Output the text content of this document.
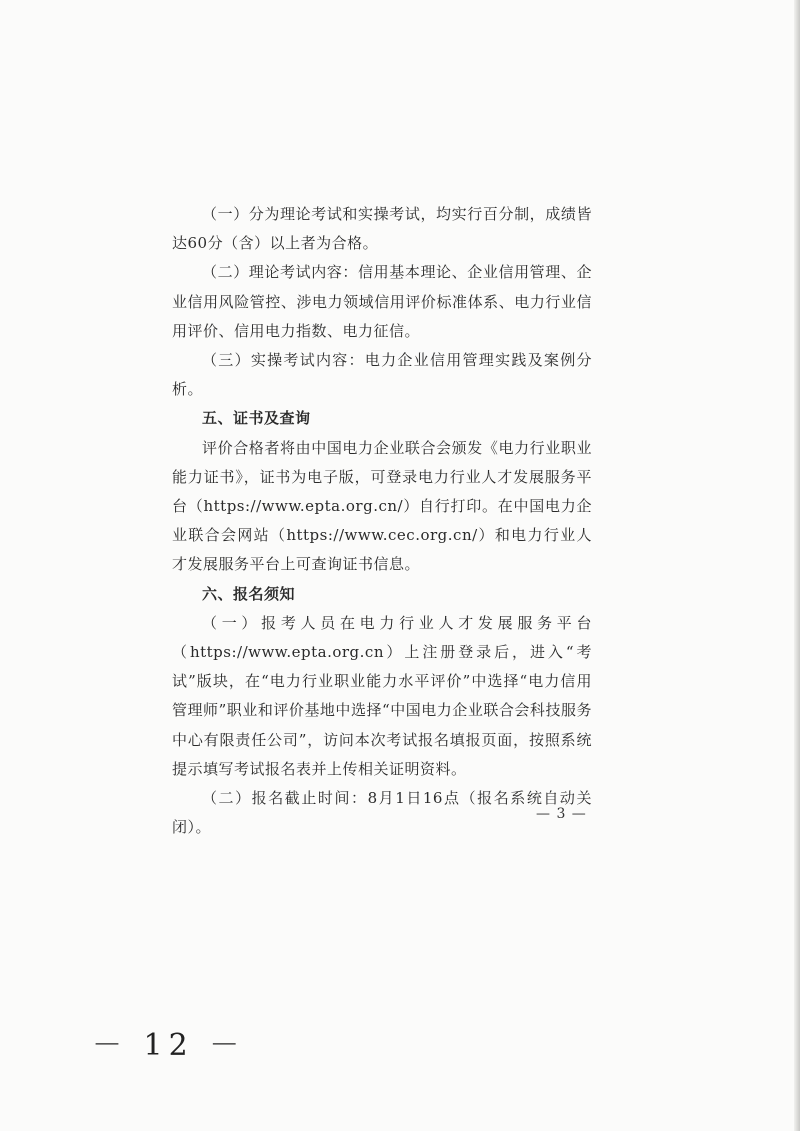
（一）分为理论考试和实操考试，均实行百分制，成绩皆达60分（含）以上者为合格。

（二）理论考试内容：信用基本理论、企业信用管理、企业信用风险管控、涉电力领域信用评价标准体系、电力行业信用评价、信用电力指数、电力征信。

（三）实操考试内容：电力企业信用管理实践及案例分析。

五、证书及查询

评价合格者将由中国电力企业联合会颁发《电力行业职业能力证书》，证书为电子版，可登录电力行业人才发展服务平台（https://www.epta.org.cn/）自行打印。在中国电力企业联合会网站（https://www.cec.org.cn/）和电力行业人才发展服务平台上可查询证书信息。

六、报名须知

（一）报考人员在电力行业人才发展服务平台（https://www.epta.org.cn）上注册登录后，进入“考试”版块，在“电力行业职业能力水平评价”中选择“电力信用管理师”职业和评价基地中选择“中国电力企业联合会科技服务中心有限责任公司”，访问本次考试报名填报页面，按照系统提示填写考试报名表并上传相关证明资料。

（二）报名截止时间：8月1日16点（报名系统自动关闭）。

— 3 —
－ 12 －
